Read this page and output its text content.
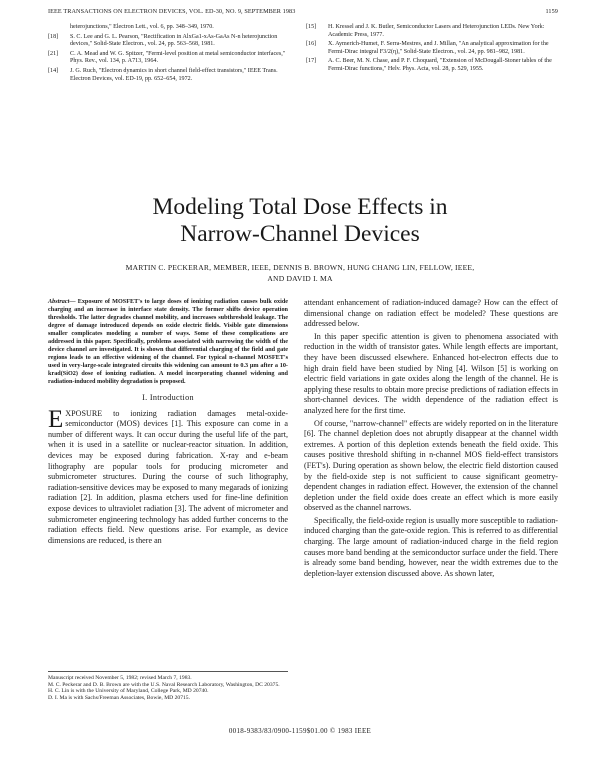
IEEE TRANSACTIONS ON ELECTRON DEVICES, VOL. ED-30, NO. 9, SEPTEMBER 1983	1159
heterojunctions," Electron Lett., vol. 6, pp. 348–349, 1970.
[18]	S. C. Lee and G. L. Pearson, "Rectification in AlxGa1-xAs-GaAs N-n heterojunction devices," Solid-State Electron., vol. 24, pp. 563–568, 1981.
[21]	C. A. Mead and W. G. Spitzer, "Fermi-level position at metal semiconductor interfaces," Phys. Rev., vol. 134, p. A713, 1964.
[14]	J. G. Ruch, "Electron dynamics in short channel field-effect transistors," IEEE Trans. Electron Devices, vol. ED-19, pp. 652–654, 1972.
[15]	H. Kressel and J. K. Butler, Semiconductor Lasers and Heterojunction LEDs. New York: Academic Press, 1977.
[16]	X. Aymerich-Humet, F. Serra-Mestres, and J. Millan, "An analytical approximation for the Fermi-Dirac integral F3/2(η)," Solid-State Electron., vol. 24, pp. 981–982, 1981.
[17]	A. C. Beer, M. N. Chase, and P. F. Choquard, "Extension of McDougall-Stoner tables of the Fermi-Dirac functions," Helv. Phys. Acta, vol. 28, p. 529, 1955.
Modeling Total Dose Effects in
Narrow-Channel Devices
MARTIN C. PECKERAR, MEMBER, IEEE, DENNIS B. BROWN, HUNG CHANG LIN, FELLOW, IEEE,
AND DAVID I. MA
Abstract— Exposure of MOSFET's to large doses of ionizing radiation causes bulk oxide charging and an increase in interface state density. The former shifts device operation thresholds. The latter degrades channel mobility, and increases subthreshold leakage. The degree of damage introduced depends on oxide electric fields. Visible gate dimensions smaller complicates modeling a number of ways. Some of these complications are addressed in this paper. Specifically, problems associated with narrowing the width of the device channel are investigated. It is shown that differential charging of the field and gate regions leads to an effective widening of the channel. For typical n-channel MOSFET's used in very-large-scale integrated circuits this widening can amount to 0.3 μm after a 10-krad(SiO2) dose of ionizing radiation. A model incorporating channel widening and radiation-induced mobility degradation is proposed.
I. Introduction

EXPOSURE to ionizing radiation damages metal-oxide-semiconductor (MOS) devices [1]. This exposure can come in a number of different ways. It can occur during the useful life of the part, when it is used in a satellite or nuclear-reactor situation. In addition, devices may be exposed during fabrication. X-ray and e-beam lithography are popular tools for producing micrometer and submicrometer structures. During the course of such lithography, radiation-sensitive devices may be exposed to many megarads of ionizing radiation [2]. In addition, plasma etchers used for fine-line definition expose devices to ultraviolet radiation [3]. The advent of micrometer and submicrometer engineering technology has added further concerns to the radiation effects field. New questions arise. For example, as device dimensions are reduced, is there an

attendant enhancement of radiation-induced damage? How can the effect of dimensional change on radiation effect be modeled? These questions are addressed below.

In this paper specific attention is given to phenomena associated with reduction in the width of transistor gates. While length effects are important, they have been discussed elsewhere. Enhanced hot-electron effects due to high drain field have been studied by Ning [4]. Wilson [5] is working on electric field variations in gate oxides along the length of the channel. He is applying these results to obtain more precise predictions of radiation effects in short-channel devices. The width dependence of the radiation effect is analyzed here for the first time.

Of course, "narrow-channel" effects are widely reported on in the literature [6]. The channel depletion does not abruptly disappear at the channel width extremes. A portion of this depletion extends beneath the field oxide. This causes positive threshold shifting in n-channel MOS field-effect transistors (FET's). During operation as shown below, the electric field distortion caused by the field-oxide step is not sufficient to cause significant geometry-dependent changes in radiation effect. However, the extension of the channel depletion under the field oxide does create an effect which is more easily observed as the channel narrows.

Specifically, the field-oxide region is usually more susceptible to radiation-induced charging than the gate-oxide region. This is referred to as differential charging. The large amount of radiation-induced charge in the field region causes more band bending at the semiconductor surface under the field. There is already some band bending, however, near the width extremes due to the depletion-layer extension discussed above. As shown later,

Manuscript received November 5, 1982; revised March 7, 1983.
M. C. Peckerar and D. B. Brown are with the U.S. Naval Research Laboratory, Washington, DC 20375.
H. C. Lin is with the University of Maryland, College Park, MD 20740.
D. I. Ma is with Sachs/Freeman Associates, Bowie, MD 20715.
0018-9383/83/0900-1159$01.00 © 1983 IEEE
